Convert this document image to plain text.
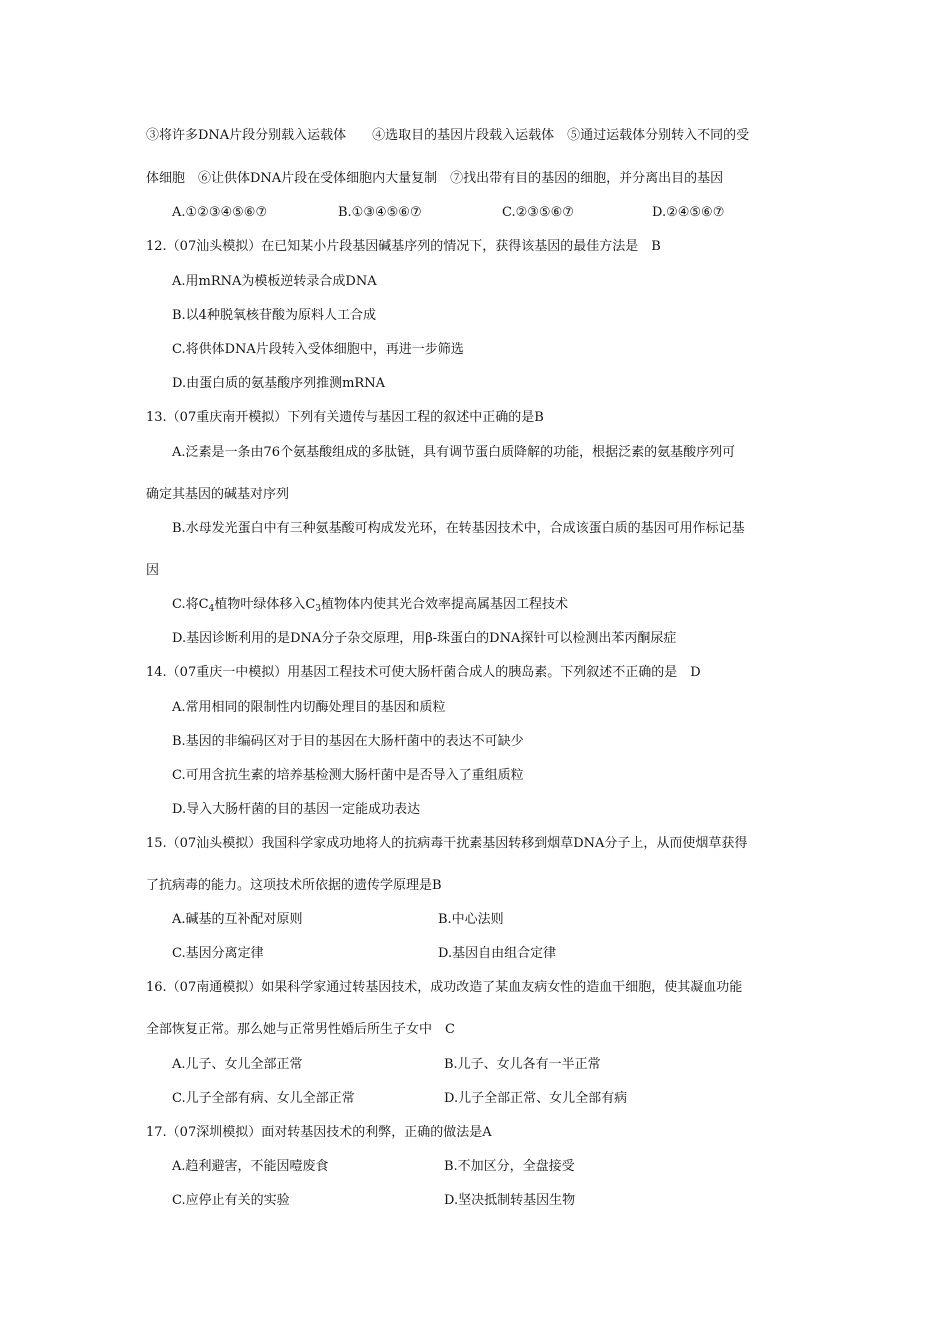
③将许多DNA片段分别载入运载体　　④选取目的基因片段载入运载体　⑤通过运载体分别转入不同的受
体细胞　⑥让供体DNA片段在受体细胞内大量复制　⑦找出带有目的基因的细胞，并分离出目的基因
A.①②③④⑤⑥⑦	B.①③④⑤⑥⑦	C.②③⑤⑥⑦	D.②④⑤⑥⑦
12.（07汕头模拟）在已知某小片段基因碱基序列的情况下，获得该基因的最佳方法是　B
A.用mRNA为模板逆转录合成DNA
B.以4种脱氧核苷酸为原料人工合成
C.将供体DNA片段转入受体细胞中，再进一步筛选
D.由蛋白质的氨基酸序列推测mRNA
13.（07重庆南开模拟）下列有关遗传与基因工程的叙述中正确的是B
A.泛素是一条由76个氨基酸组成的多肽链，具有调节蛋白质降解的功能，根据泛素的氨基酸序列可
确定其基因的碱基对序列
B.水母发光蛋白中有三种氨基酸可构成发光环，在转基因技术中，合成该蛋白质的基因可用作标记基
因
C.将$C_4$植物叶绿体移入$C_3$植物体内使其光合效率提高属基因工程技术
D.基因诊断利用的是DNA分子杂交原理，用β-珠蛋白的DNA探针可以检测出苯丙酮尿症
14.（07重庆一中模拟）用基因工程技术可使大肠杆菌合成人的胰岛素。下列叙述不正确的是　D
A.常用相同的限制性内切酶处理目的基因和质粒
B.基因的非编码区对于目的基因在大肠杆菌中的表达不可缺少
C.可用含抗生素的培养基检测大肠杆菌中是否导入了重组质粒
D.导入大肠杆菌的目的基因一定能成功表达
15.（07汕头模拟）我国科学家成功地将人的抗病毒干扰素基因转移到烟草DNA分子上，从而使烟草获得
了抗病毒的能力。这项技术所依据的遗传学原理是B
A.碱基的互补配对原则	B.中心法则
C.基因分离定律	D.基因自由组合定律
16.（07南通模拟）如果科学家通过转基因技术，成功改造了某血友病女性的造血干细胞，使其凝血功能
全部恢复正常。那么她与正常男性婚后所生子女中　C
A.儿子、女儿全部正常	B.儿子、女儿各有一半正常
C.儿子全部有病、女儿全部正常	D.儿子全部正常、女儿全部有病
17.（07深圳模拟）面对转基因技术的利弊，正确的做法是A
A.趋利避害，不能因噎废食	B.不加区分，全盘接受
C.应停止有关的实验	D.坚决抵制转基因生物
